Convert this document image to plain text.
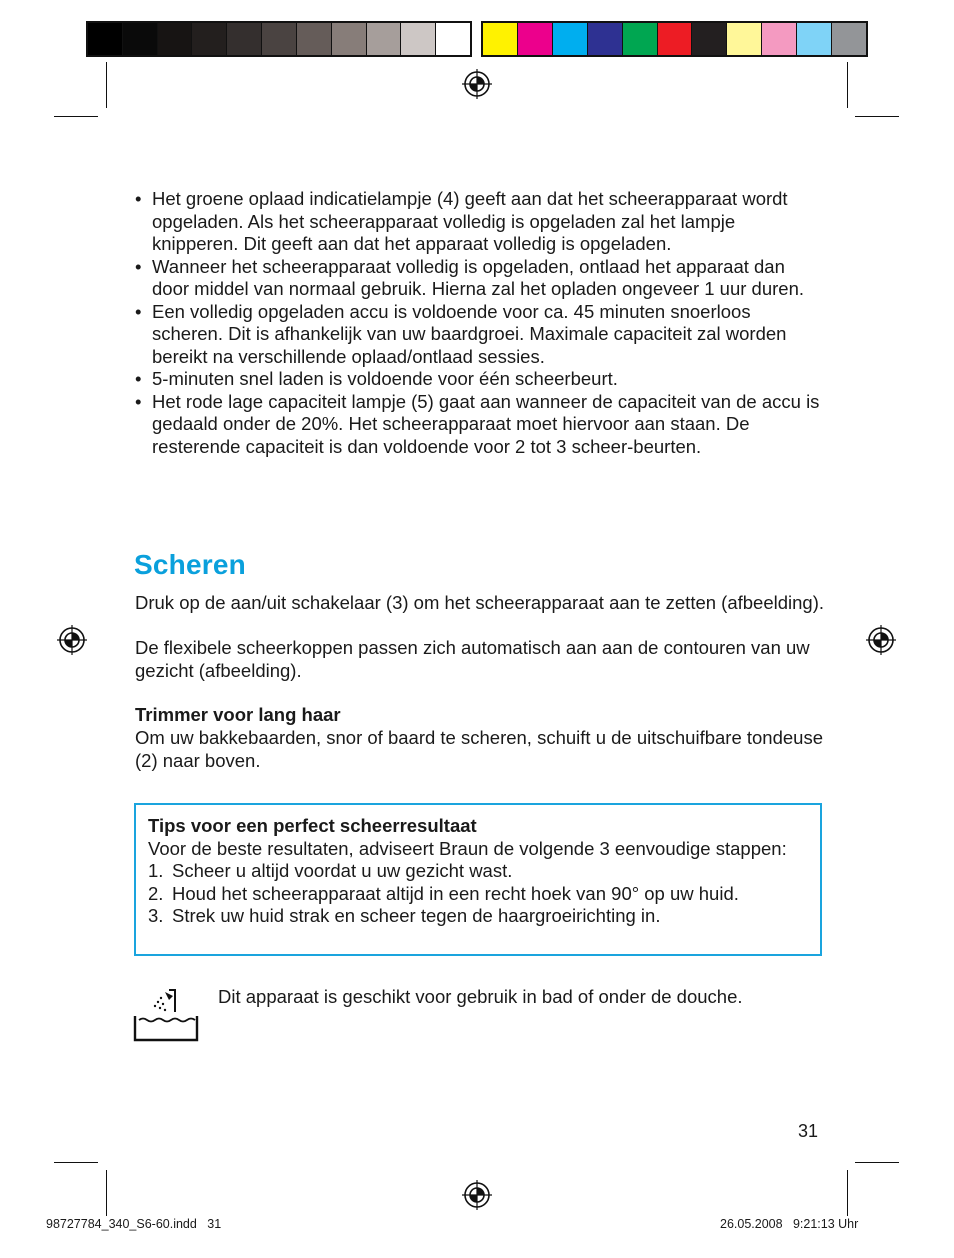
• Het groene oplaad indicatielampje (4) geeft aan dat het scheerapparaat wordt opgeladen. Als het scheerapparaat volledig is opgeladen zal het lampje knipperen. Dit geeft aan dat het apparaat volledig is opgeladen.
• Wanneer het scheerapparaat volledig is opgeladen, ontlaad het apparaat dan door middel van normaal gebruik. Hierna zal het opladen ongeveer 1 uur duren.
• Een volledig opgeladen accu is voldoende voor ca. 45 minuten snoerloos scheren. Dit is afhankelijk van uw baardgroei. Maximale capaciteit zal worden bereikt na verschillende oplaad/ontlaad sessies.
• 5-minuten snel laden is voldoende voor één scheerbeurt.
• Het rode lage capaciteit lampje (5) gaat aan wanneer de capaciteit van de accu is gedaald onder de 20%. Het scheerapparaat moet hiervoor aan staan. De resterende capaciteit is dan voldoende voor 2 tot 3 scheer-beurten.
Scheren

Druk op de aan/uit schakelaar (3) om het scheerapparaat aan te zetten (afbeelding).

De flexibele scheerkoppen passen zich automatisch aan aan de contouren van uw gezicht (afbeelding).

Trimmer voor lang haar

Om uw bakkebaarden, snor of baard te scheren, schuift u de uitschuifbare tondeuse (2) naar boven.

Tips voor een perfect scheerresultaat
Voor de beste resultaten, adviseert Braun de volgende 3 eenvoudige stappen:
1. Scheer u altijd voordat u uw gezicht wast.
2. Houd het scheerapparaat altijd in een recht hoek van 90° op uw huid.
3. Strek uw huid strak en scheer tegen de haargroeirichting in.
Dit apparaat is geschikt voor gebruik in bad of onder de douche.
31
98727784_340_S6-60.indd   31	26.05.2008   9:21:13 Uhr
